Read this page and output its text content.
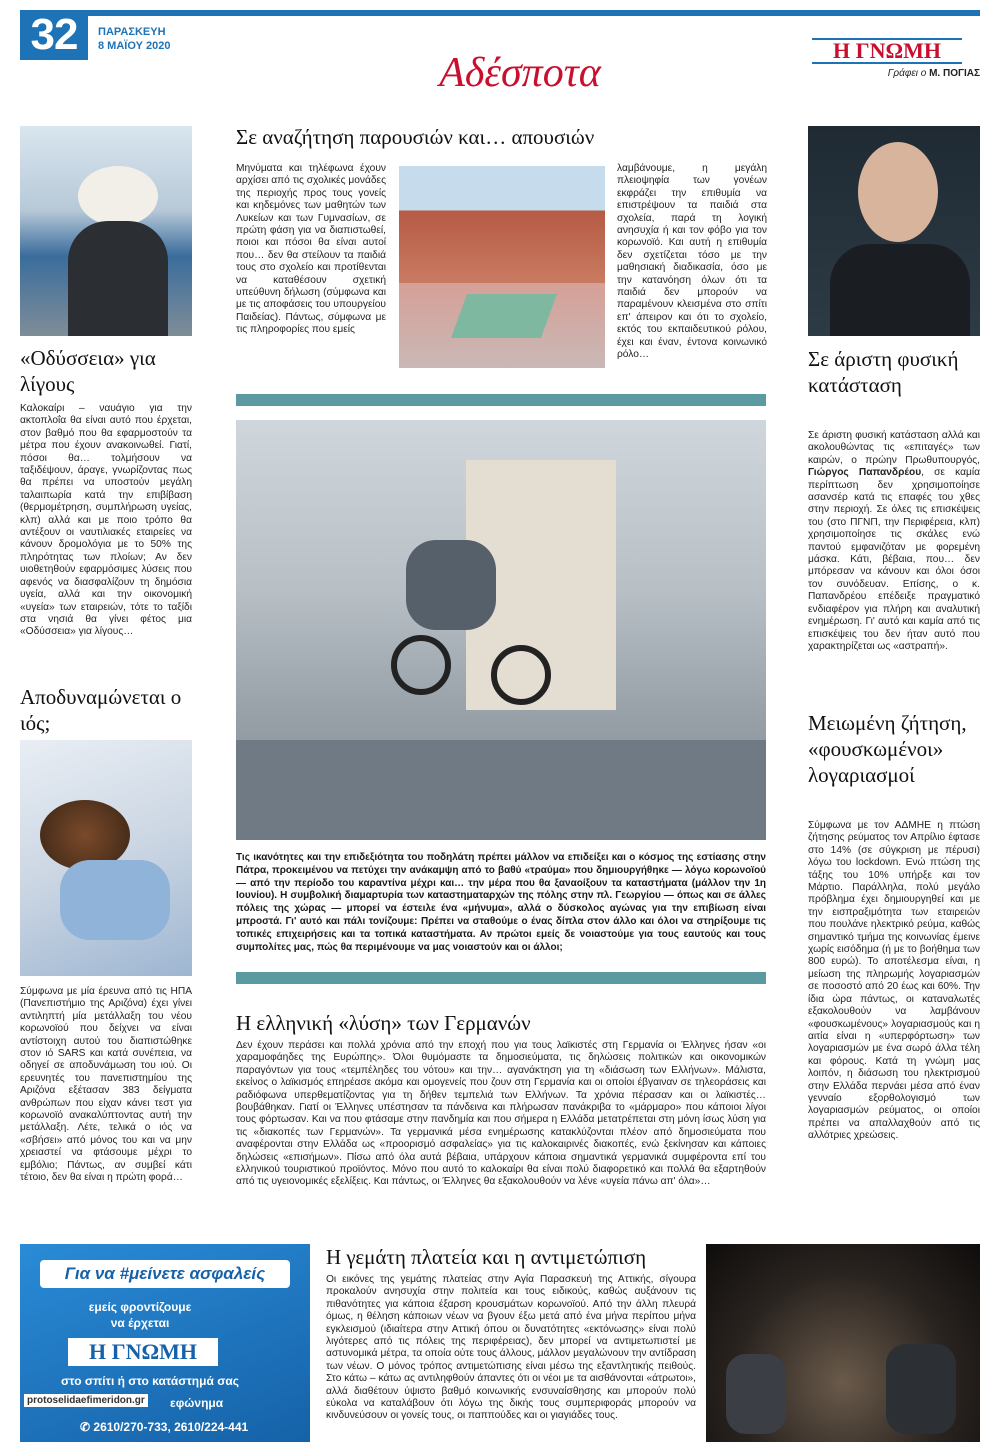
32	ΠΑΡΑΣΚΕΥΗ
8 ΜΑΪΟΥ 2020
Αδέσποτα	Η ΓΝΩΜΗ
Γράφει ο Μ. ΠΟΓΙΑΣ
«Οδύσσεια» για λίγους
Καλοκαίρι – ναυάγιο για την ακτοπλοΐα θα είναι αυτό που έρχεται, στον βαθμό που θα εφαρμοστούν τα μέτρα που έχουν ανακοινωθεί. Γιατί, πόσοι θα… τολμήσουν να ταξιδέψουν, άραγε, γνωρίζοντας πως θα πρέπει να υποστούν μεγάλη ταλαιπωρία κατά την επιβίβαση (θερμομέτρηση, συμπλήρωση υγείας, κλπ) αλλά και με ποιο τρόπο θα αντέξουν οι ναυτιλιακές εταιρείες να κάνουν δρομολόγια με το 50% της πληρότητας των πλοίων; Αν δεν υιοθετηθούν εφαρμόσιμες λύσεις που αφενός να διασφαλίζουν τη δημόσια υγεία, αλλά και την οικονομική «υγεία» των εταιρειών, τότε το ταξίδι στα νησιά θα γίνει φέτος μια «Οδύσσεια» για λίγους…
Αποδυναμώνεται ο ιός;
Σύμφωνα με μία έρευνα από τις ΗΠΑ (Πανεπιστήμιο της Αριζόνα) έχει γίνει αντιληπτή μία μετάλλαξη του νέου κορωνοϊού που δείχνει να είναι αντίστοιχη αυτού του διαπιστώθηκε στον ιό SARS και κατά συνέπεια, να οδηγεί σε αποδυνάμωση του ιού. Οι ερευνητές του πανεπιστημίου της Αριζόνα εξέτασαν 383 δείγματα ανθρώπων που είχαν κάνει τεστ για κορωνοϊό ανακαλύπτοντας αυτή την μετάλλαξη. Λέτε, τελικά ο ιός να «σβήσει» από μόνος του και να μην χρειαστεί να φτάσουμε μέχρι το εμβόλιο; Πάντως, αν συμβεί κάτι τέτοιο, δεν θα είναι η πρώτη φορά…
Σε αναζήτηση παρουσιών και… απουσιών
Μηνύματα και τηλέφωνα έχουν αρχίσει από τις σχολικές μονάδες της περιοχής προς τους γονείς και κηδεμόνες των μαθητών των Λυκείων και των Γυμνασίων, σε πρώτη φάση για να διαπιστωθεί, ποιοι και πόσοι θα είναι αυτοί που… δεν θα στείλουν τα παιδιά τους στο σχολείο και προτίθενται να καταθέσουν σχετική υπεύθυνη δήλωση (σύμφωνα και με τις αποφάσεις του υπουργείου Παιδείας). Πάντως, σύμφωνα με τις πληροφορίες που εμείς
λαμβάνουμε, η μεγάλη πλειοψηφία των γονέων εκφράζει την επιθυμία να επιστρέψουν τα παιδιά στα σχολεία, παρά τη λογική ανησυχία ή και τον φόβο για τον κορωνοϊό. Και αυτή η επιθυμία δεν σχετίζεται τόσο με την μαθησιακή διαδικασία, όσο με την κατανόηση όλων ότι τα παιδιά δεν μπορούν να παραμένουν κλεισμένα στο σπίτι επ' άπειρον και ότι το σχολείο, εκτός του εκπαιδευτικού ρόλου, έχει και έναν, έντονα κοινωνικό ρόλο…
Τις ικανότητες και την επιδεξιότητα του ποδηλάτη πρέπει μάλλον να επιδείξει και ο κόσμος της εστίασης στην Πάτρα, προκειμένου να πετύχει την ανάκαμψη από το βαθύ «τραύμα» που δημιουργήθηκε — λόγω κορωνοϊού — από την περίοδο του καραντίνα μέχρι και… την μέρα που θα ξαναοίξουν τα καταστήματα (μάλλον την 1η Ιουνίου). Η συμβολική διαμαρτυρία των καταστηματαρχών της πόλης στην πλ. Γεωργίου — όπως και σε άλλες πόλεις της χώρας — μπορεί να έστειλε ένα «μήνυμα», αλλά ο δύσκολος αγώνας για την επιβίωση είναι μπροστά. Γι' αυτό και πάλι τονίζουμε: Πρέπει να σταθούμε ο ένας δίπλα στον άλλο και όλοι να στηρίξουμε τις τοπικές επιχειρήσεις και τα τοπικά καταστήματα. Αν πρώτοι εμείς δε νοιαστούμε για τους εαυτούς και τους συμπολίτες μας, πώς θα περιμένουμε να μας νοιαστούν και οι άλλοι;
Η ελληνική «λύση» των Γερμανών
Δεν έχουν περάσει και πολλά χρόνια από την εποχή που για τους λαϊκιστές στη Γερμανία οι Έλληνες ήσαν «οι χαραμοφάηδες της Ευρώπης». Όλοι θυμόμαστε τα δημοσιεύματα, τις δηλώσεις πολιτικών και οικονομικών παραγόντων για τους «τεμπέληδες του νότου» και την… αγανάκτηση για τη «διάσωση των Ελλήνων». Μάλιστα, εκείνος ο λαϊκισμός επηρέασε ακόμα και ομογενείς που ζουν στη Γερμανία και οι οποίοι έβγαιναν σε τηλεοράσεις και ραδιόφωνα υπερθεματίζοντας για τη δήθεν τεμπελιά των Ελλήνων. Τα χρόνια πέρασαν και οι λαϊκιστές… βουβάθηκαν. Γιατί οι Έλληνες υπέστησαν τα πάνδεινα και πλήρωσαν πανάκριβα το «μάρμαρο» που κάποιοι λίγοι τους φόρτωσαν. Και να που φτάσαμε στην πανδημία και που σήμερα η Ελλάδα μετατρέπεται στη μόνη ίσως λύση για τις «διακοπές των Γερμανών». Τα γερμανικά μέσα ενημέρωσης κατακλύζονται πλέον από δημοσιεύματα που αναφέρονται στην Ελλάδα ως «προορισμό ασφαλείας» για τις καλοκαιρινές διακοπές, ενώ ξεκίνησαν και κάποιες δηλώσεις «επισήμων». Πίσω από όλα αυτά βέβαια, υπάρχουν κάποια σημαντικά γερμανικά συμφέροντα επί του ελληνικού τουριστικού προϊόντος. Μόνο που αυτό το καλοκαίρι θα είναι πολύ διαφορετικό και πολλά θα εξαρτηθούν από τις υγειονομικές εξελίξεις. Και πάντως, οι Έλληνες θα εξακολουθούν να λένε «υγεία πάνω απ' όλα»…
Σε άριστη φυσική κατάσταση
Σε άριστη φυσική κατάσταση αλλά και ακολουθώντας τις «επιταγές» των καιρών, ο πρώην Πρωθυπουργός, Γιώργος Παπανδρέου, σε καμία περίπτωση δεν χρησιμοποίησε ασανσέρ κατά τις επαφές του χθες στην περιοχή. Σε όλες τις επισκέψεις του (στο ΠΓΝΠ, την Περιφέρεια, κλπ) χρησιμοποίησε τις σκάλες ενώ παντού εμφανιζόταν με φορεμένη μάσκα. Κάτι, βέβαια, που… δεν μπόρεσαν να κάνουν και όλοι όσοι τον συνόδευαν. Επίσης, ο κ. Παπανδρέου επέδειξε πραγματικό ενδιαφέρον για πλήρη και αναλυτική ενημέρωση. Γι' αυτό και καμία από τις επισκέψεις του δεν ήταν αυτό που χαρακτηρίζεται ως «αστραπή».
Μειωμένη ζήτηση, «φουσκωμένοι» λογαριασμοί
Σύμφωνα με τον ΑΔΜΗΕ η πτώση ζήτησης ρεύματος τον Απρίλιο έφτασε στο 14% (σε σύγκριση με πέρυσι) λόγω του lockdown. Ενώ πτώση της τάξης του 10% υπήρξε και τον Μάρτιο. Παράλληλα, πολύ μεγάλο πρόβλημα έχει δημιουργηθεί και με την εισπραξιμότητα των εταιρειών που πουλάνε ηλεκτρικό ρεύμα, καθώς σημαντικό τμήμα της κοινωνίας έμεινε χωρίς εισόδημα (ή με το βοήθημα των 800 ευρώ). Το αποτέλεσμα είναι, η μείωση της πληρωμής λογαριασμών σε ποσοστό από 20 έως και 60%. Την ίδια ώρα πάντως, οι καταναλωτές εξακολουθούν να λαμβάνουν «φουσκωμένους» λογαριασμούς και η αιτία είναι η «υπερφόρτωση» των λογαριασμών με ένα σωρό άλλα τέλη και φόρους. Κατά τη γνώμη μας λοιπόν, η διάσωση του ηλεκτρισμού στην Ελλάδα περνάει μέσα από έναν γενναίο εξορθολογισμό των λογαριασμών ρεύματος, οι οποίοι πρέπει να απαλλαχθούν από τις αλλότριες χρεώσεις.
Για να #μείνετε ασφαλείς
εμείς φροντίζουμε
να έρχεται
Η ΓΝΩΜΗ
στο σπίτι ή στο κατάστημά σας
protoselidaefimeridon.gr εφώνημα
✆ 2610/270-733, 2610/224-441
Η γεμάτη πλατεία και η αντιμετώπιση
Οι εικόνες της γεμάτης πλατείας στην Αγία Παρασκευή της Αττικής, σίγουρα προκαλούν ανησυχία στην πολιτεία και τους ειδικούς, καθώς αυξάνουν τις πιθανότητες για κάποια έξαρση κρουσμάτων κορωνοϊού. Από την άλλη πλευρά όμως, η θέληση κάποιων νέων να βγουν έξω μετά από ένα μήνα περίπου μήνα εγκλεισμού (ιδιαίτερα στην Αττική όπου οι δυνατότητες «εκτόνωσης» είναι πολύ λιγότερες από τις πόλεις της περιφέρειας), δεν μπορεί να αντιμετωπιστεί με αστυνομικά μέτρα, τα οποία ούτε τους άλλους, μάλλον μεγαλώνουν την αντίδραση των νέων. Ο μόνος τρόπος αντιμετώπισης είναι μέσω της εξαντλητικής πειθούς. Στο κάτω – κάτω ας αντιληφθούν άπαντες ότι οι νέοι με τα αισθάνονται «άτρωτοι», αλλά διαθέτουν ύψιστο βαθμό κοινωνικής ενσυναίσθησης και μπορούν πολύ εύκολα να καταλάβουν ότι λόγω της δικής τους συμπεριφοράς μπορούν να κινδυνεύσουν οι γονείς τους, οι παππούδες και οι γιαγιάδες τους.
